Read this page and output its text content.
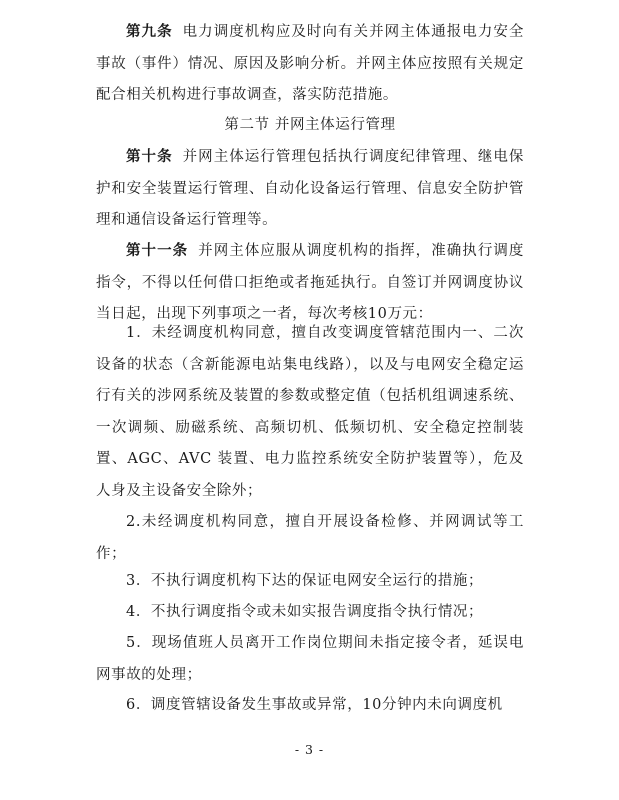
第九条 电力调度机构应及时向有关并网主体通报电力安全事故（事件）情况、原因及影响分析。并网主体应按照有关规定配合相关机构进行事故调查，落实防范措施。

第二节 并网主体运行管理

第十条 并网主体运行管理包括执行调度纪律管理、继电保护和安全装置运行管理、自动化设备运行管理、信息安全防护管理和通信设备运行管理等。

第十一条 并网主体应服从调度机构的指挥，准确执行调度指令，不得以任何借口拒绝或者拖延执行。自签订并网调度协议当日起，出现下列事项之一者，每次考核10万元：

1．未经调度机构同意，擅自改变调度管辖范围内一、二次设备的状态（含新能源电站集电线路），以及与电网安全稳定运行有关的涉网系统及装置的参数或整定值（包括机组调速系统、一次调频、励磁系统、高频切机、低频切机、安全稳定控制装置、AGC、AVC 装置、电力监控系统安全防护装置等），危及人身及主设备安全除外；

2.未经调度机构同意，擅自开展设备检修、并网调试等工作；

3．不执行调度机构下达的保证电网安全运行的措施；

4．不执行调度指令或未如实报告调度指令执行情况；

5．现场值班人员离开工作岗位期间未指定接令者，延误电网事故的处理；

6．调度管辖设备发生事故或异常，10分钟内未向调度机

- 3 -
